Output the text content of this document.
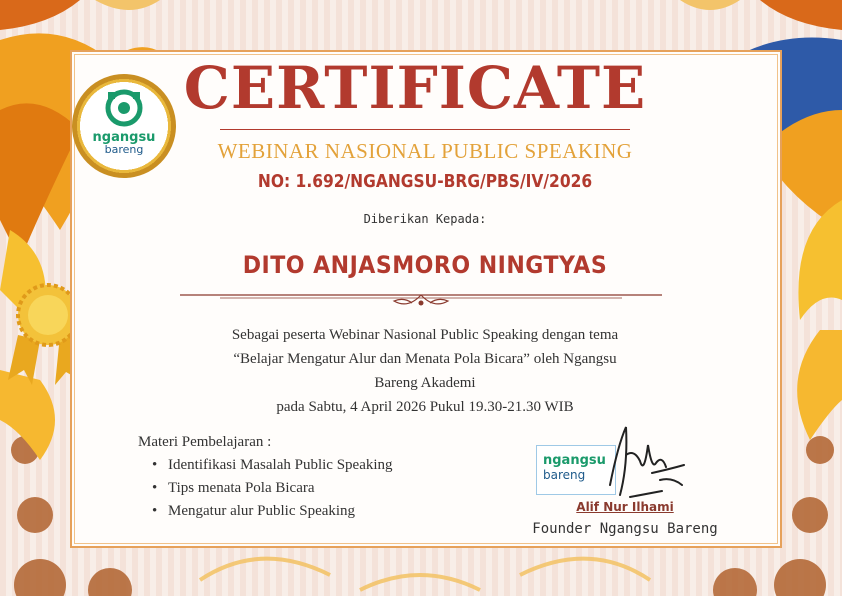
ngangsu
bareng
CERTIFICATE
WEBINAR NASIONAL PUBLIC SPEAKING
NO: 1.692/NGANGSU-BRG/PBS/IV/2026
Diberikan Kepada:
DITO ANJASMORO NINGTYAS
Sebagai peserta Webinar Nasional Public Speaking dengan tema
“Belajar Mengatur Alur dan Menata Pola Bicara” oleh Ngangsu
Bareng Akademi
pada Sabtu, 4 April 2026 Pukul 19.30-21.30 WIB
Materi Pembelajaran :
• Identifikasi Masalah Public Speaking
• Tips menata Pola Bicara
• Mengatur alur Public Speaking
ngangsu
bareng
Alif Nur Ilhami
Founder Ngangsu Bareng
